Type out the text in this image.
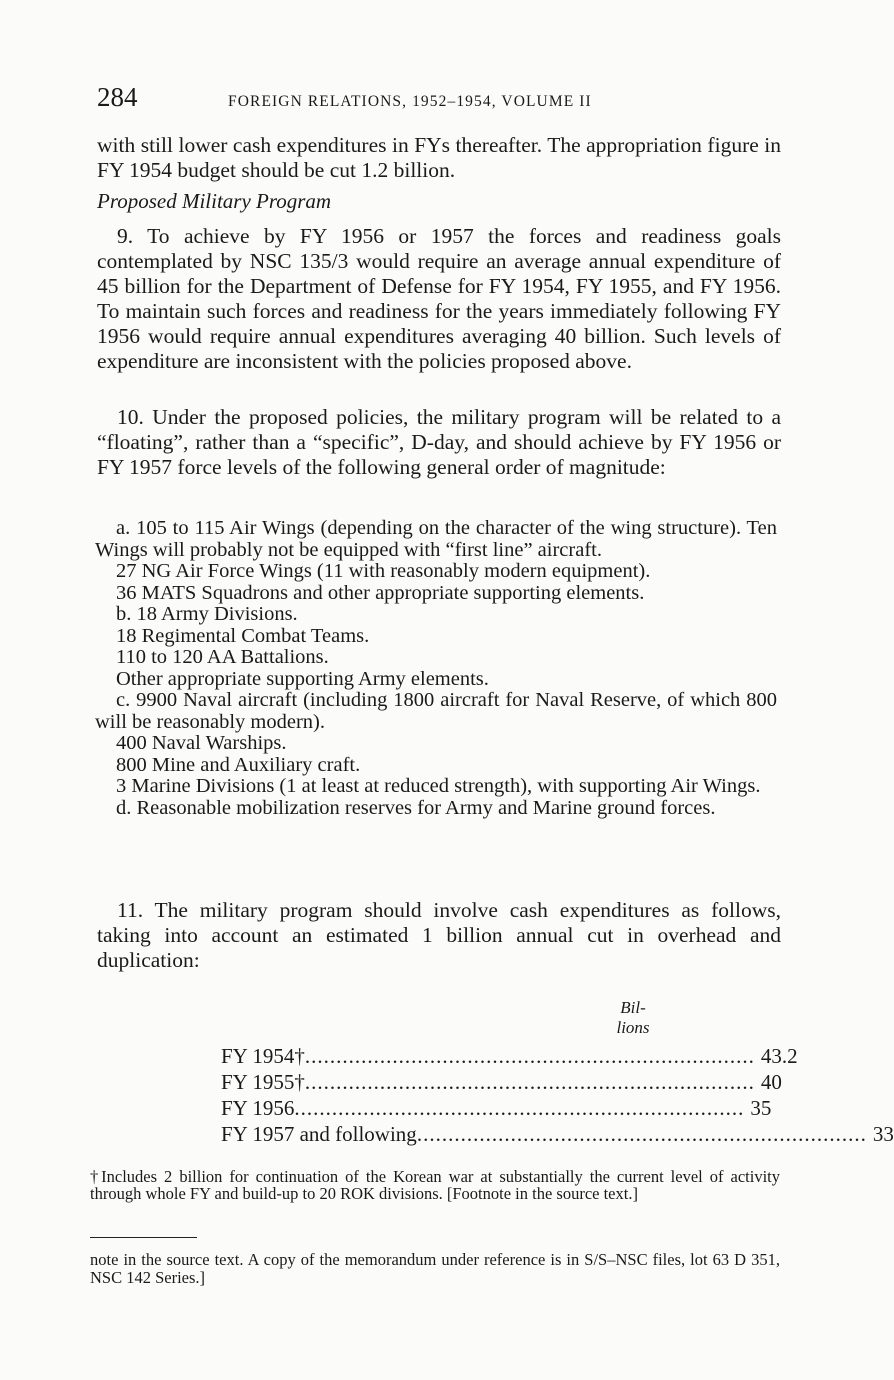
284	FOREIGN RELATIONS, 1952–1954, VOLUME II

with still lower cash expenditures in FYs thereafter. The appropriation figure in FY 1954 budget should be cut 1.2 billion.

Proposed Military Program

9. To achieve by FY 1956 or 1957 the forces and readiness goals contemplated by NSC 135/3 would require an average annual expenditure of 45 billion for the Department of Defense for FY 1954, FY 1955, and FY 1956. To maintain such forces and readiness for the years immediately following FY 1956 would require annual expenditures averaging 40 billion. Such levels of expenditure are inconsistent with the policies proposed above.

10. Under the proposed policies, the military program will be related to a “floating”, rather than a “specific”, D-day, and should achieve by FY 1956 or FY 1957 force levels of the following general order of magnitude:

a. 105 to 115 Air Wings (depending on the character of the wing structure). Ten Wings will probably not be equipped with “first line” aircraft.

27 NG Air Force Wings (11 with reasonably modern equipment).

36 MATS Squadrons and other appropriate supporting elements.

b. 18 Army Divisions.

18 Regimental Combat Teams.

110 to 120 AA Battalions.

Other appropriate supporting Army elements.

c. 9900 Naval aircraft (including 1800 aircraft for Naval Reserve, of which 800 will be reasonably modern).

400 Naval Warships.

800 Mine and Auxiliary craft.

3 Marine Divisions (1 at least at reduced strength), with supporting Air Wings.

d. Reasonable mobilization reserves for Army and Marine ground forces.

11. The military program should involve cash expenditures as follows, taking into account an estimated 1 billion annual cut in overhead and duplication:

Bil-
lions
FY 1954† ........................................................................ 43.2
FY 1955† ........................................................................ 40
FY 1956 ........................................................................ 35
FY 1957 and following ........................................................................ 33
†Includes 2 billion for continuation of the Korean war at substantially the current level of activity through whole FY and build-up to 20 ROK divisions. [Footnote in the source text.]
note in the source text. A copy of the memorandum under reference is in S/S–NSC files, lot 63 D 351, NSC 142 Series.]
